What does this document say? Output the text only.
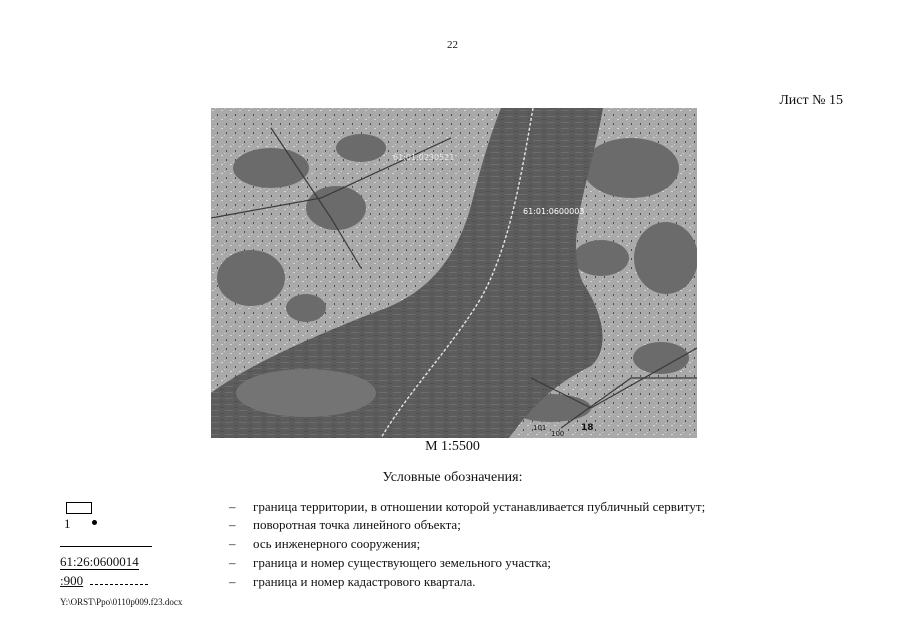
22
Лист № 15
61:01:0230521
61:01:0600003
101
100
18
М 1:5500
Условные обозначения:
1
61:26:0600014
:900
– граница территории, в отношении которой устанавливается публичный сервитут;
– поворотная точка линейного объекта;
– ось инженерного сооружения;
– граница и номер существующего земельного участка;
– граница и номер кадастрового квартала.
Y:\ORST\Ppo\0110p009.f23.docx
